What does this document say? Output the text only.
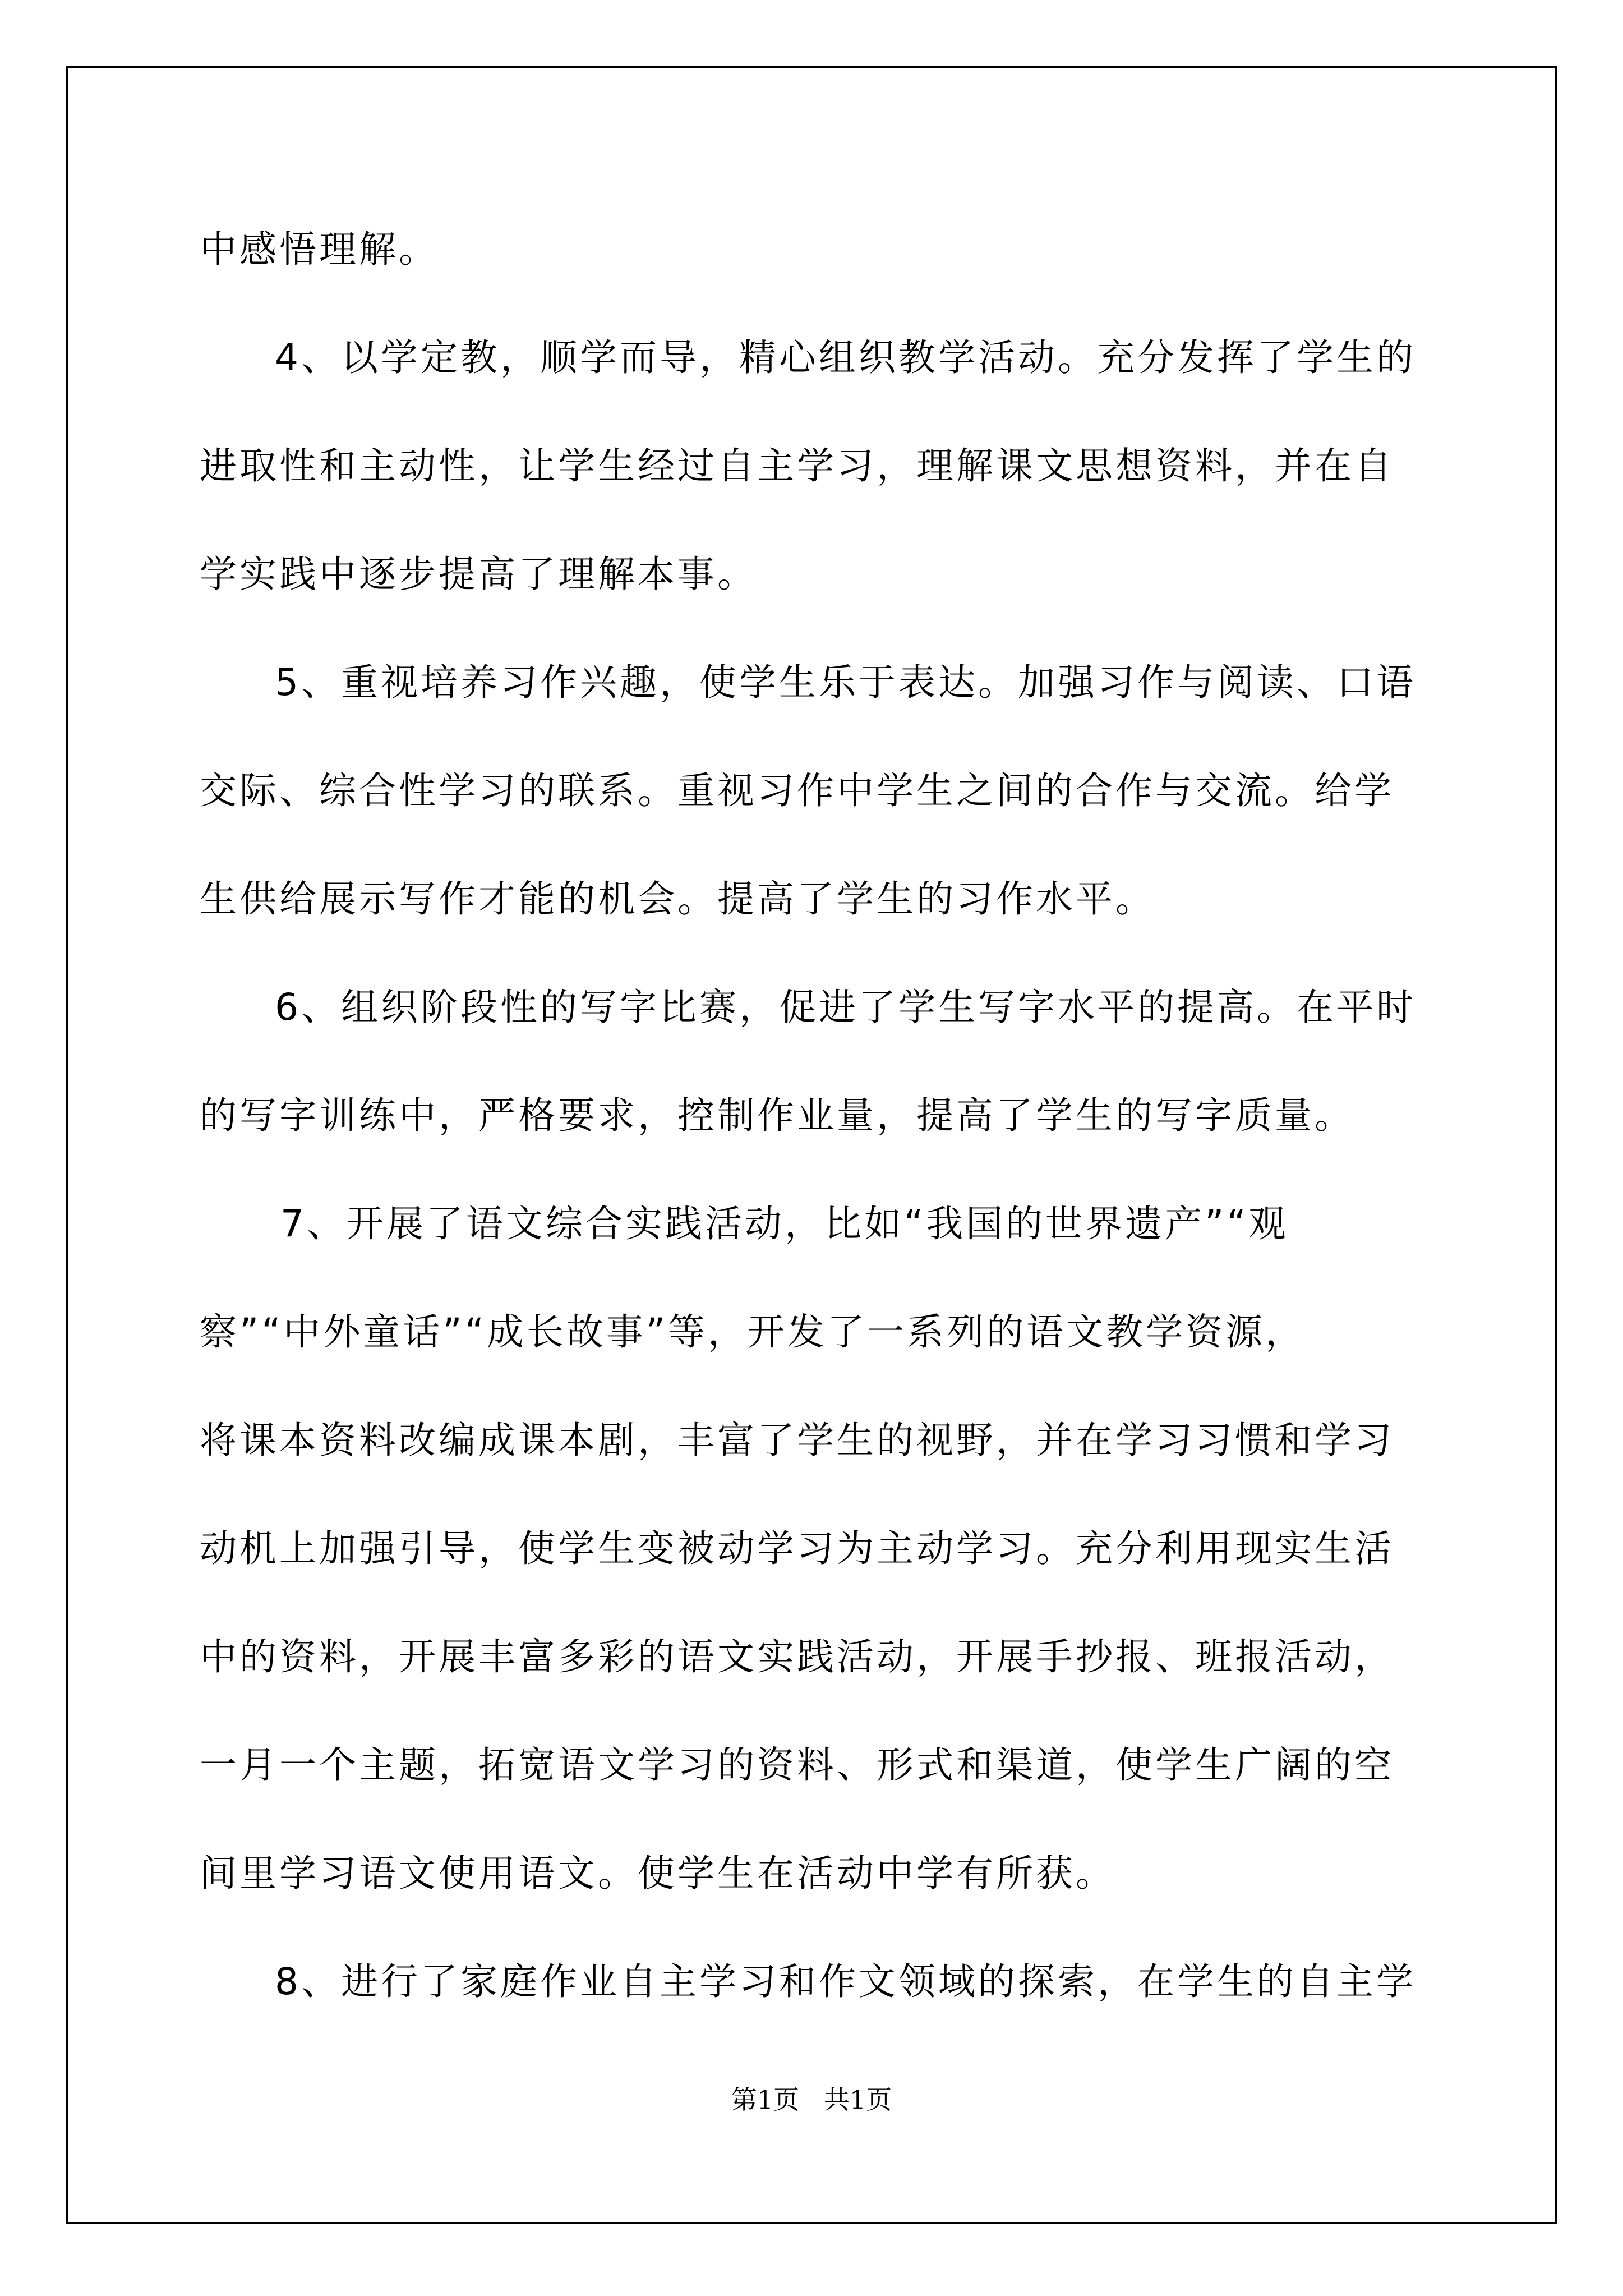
中感悟理解。
4、以学定教，顺学而导，精心组织教学活动。充分发挥了学生的
进取性和主动性，让学生经过自主学习，理解课文思想资料，并在自
学实践中逐步提高了理解本事。
5、重视培养习作兴趣，使学生乐于表达。加强习作与阅读、口语
交际、综合性学习的联系。重视习作中学生之间的合作与交流。给学
生供给展示写作才能的机会。提高了学生的习作水平。
6、组织阶段性的写字比赛，促进了学生写字水平的提高。在平时
的写字训练中，严格要求，控制作业量，提高了学生的写字质量。
7、开展了语文综合实践活动，比如“我国的世界遗产”“观
察”“中外童话”“成长故事”等，开发了一系列的语文教学资源，
将课本资料改编成课本剧，丰富了学生的视野，并在学习习惯和学习
动机上加强引导，使学生变被动学习为主动学习。充分利用现实生活
中的资料，开展丰富多彩的语文实践活动，开展手抄报、班报活动，
一月一个主题，拓宽语文学习的资料、形式和渠道，使学生广阔的空
间里学习语文使用语文。使学生在活动中学有所获。
8、进行了家庭作业自主学习和作文领域的探索，在学生的自主学
第1页   共1页
